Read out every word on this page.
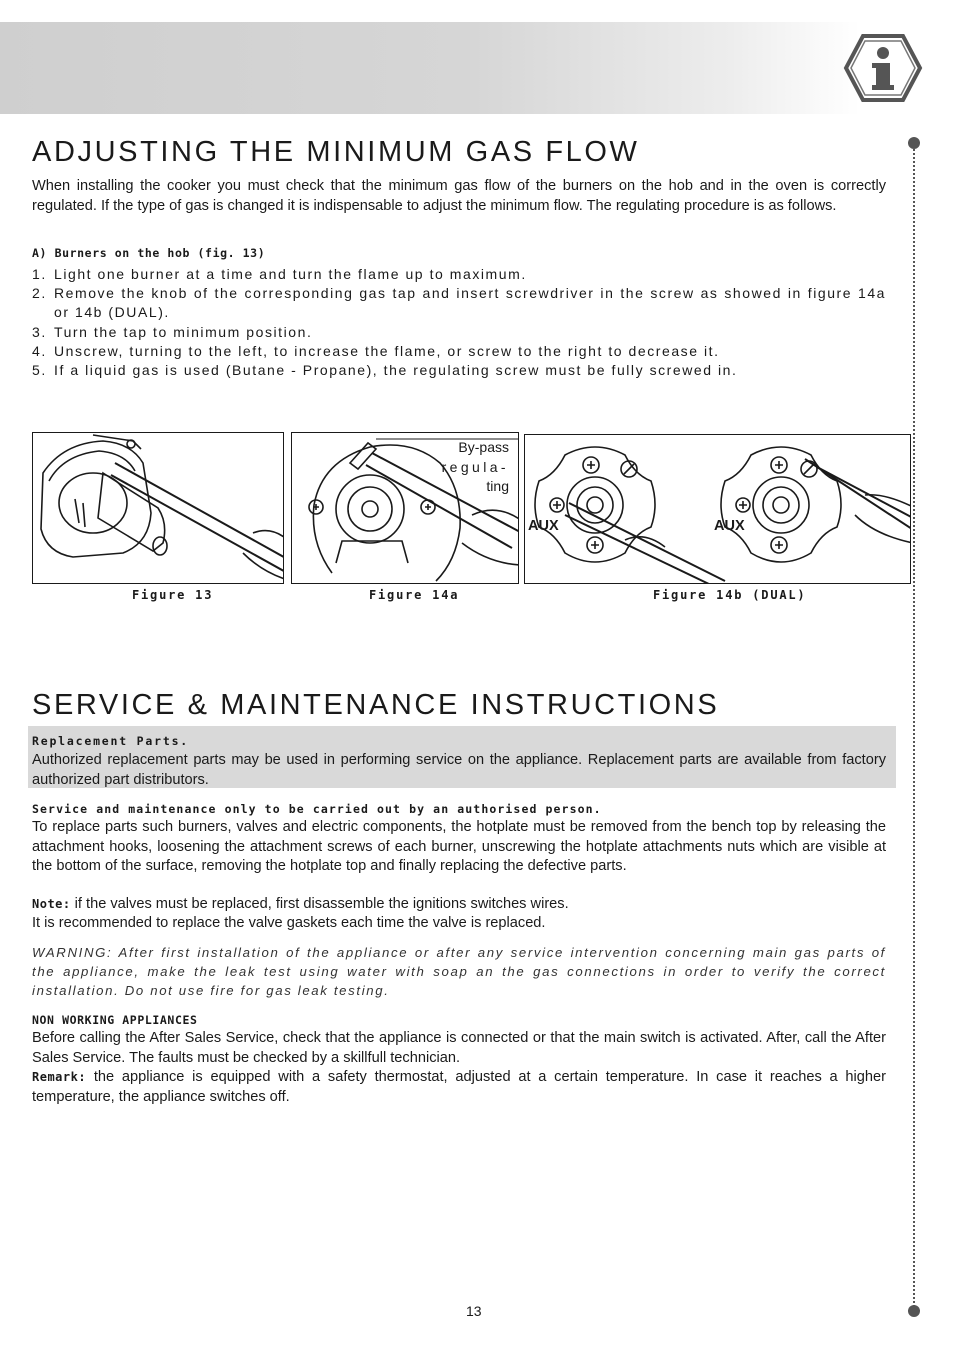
ADJUSTING THE MINIMUM GAS FLOW

When installing the cooker you must check that the minimum gas flow of the burners on the hob and in the oven is correctly regulated. If the type of gas is changed it is indispensable to adjust the minimum flow. The regulating procedure is as follows.

A) Burners on the hob (fig. 13)
1. Light one burner at a time and turn the flame up to maximum.
2. Remove the knob of the corresponding gas tap and insert screwdriver in the screw as showed in figure 14a or 14b (DUAL).
3. Turn the tap to minimum position.
4. Unscrew, turning to the left, to increase the flame, or screw to the right to decrease it.
5. If a liquid gas is used (Butane - Propane), the regulating screw must be fully screwed in.
By-pass
regula-
ting
AUX	AUX
Figure 13	Figure 14a	Figure 14b (DUAL)
SERVICE & MAINTENANCE INSTRUCTIONS
Replacement Parts.

Authorized replacement parts may be used in performing service on the appliance. Replacement parts are available from factory authorized part distributors.

Service and maintenance only to be carried out by an authorised person.

To replace parts such burners, valves and electric components, the hotplate must be removed from the bench top by releasing the attachment hooks, loosening the attachment screws of each burner, unscrewing the hotplate attachments nuts which are visible at the bottom of the surface, removing the hotplate top and finally replacing the defective parts.

Note: if the valves must be replaced, first disassemble the ignitions switches wires.

It is recommended to replace the valve gaskets each time the valve is replaced.

WARNING: After first installation of the appliance or after any service intervention concerning main gas parts of the appliance, make the leak test using water with soap an the gas connections in order to verify the correct installation. Do not use fire for gas leak testing.

NON WORKING APPLIANCES

Before calling the After Sales Service, check that the appliance is connected or that the main switch is activated. After, call the After Sales Service. The faults must be checked by a skillfull technician.

Remark: the appliance is equipped with a safety thermostat, adjusted at a certain temperature. In case it reaches a higher temperature, the appliance switches off.

13
